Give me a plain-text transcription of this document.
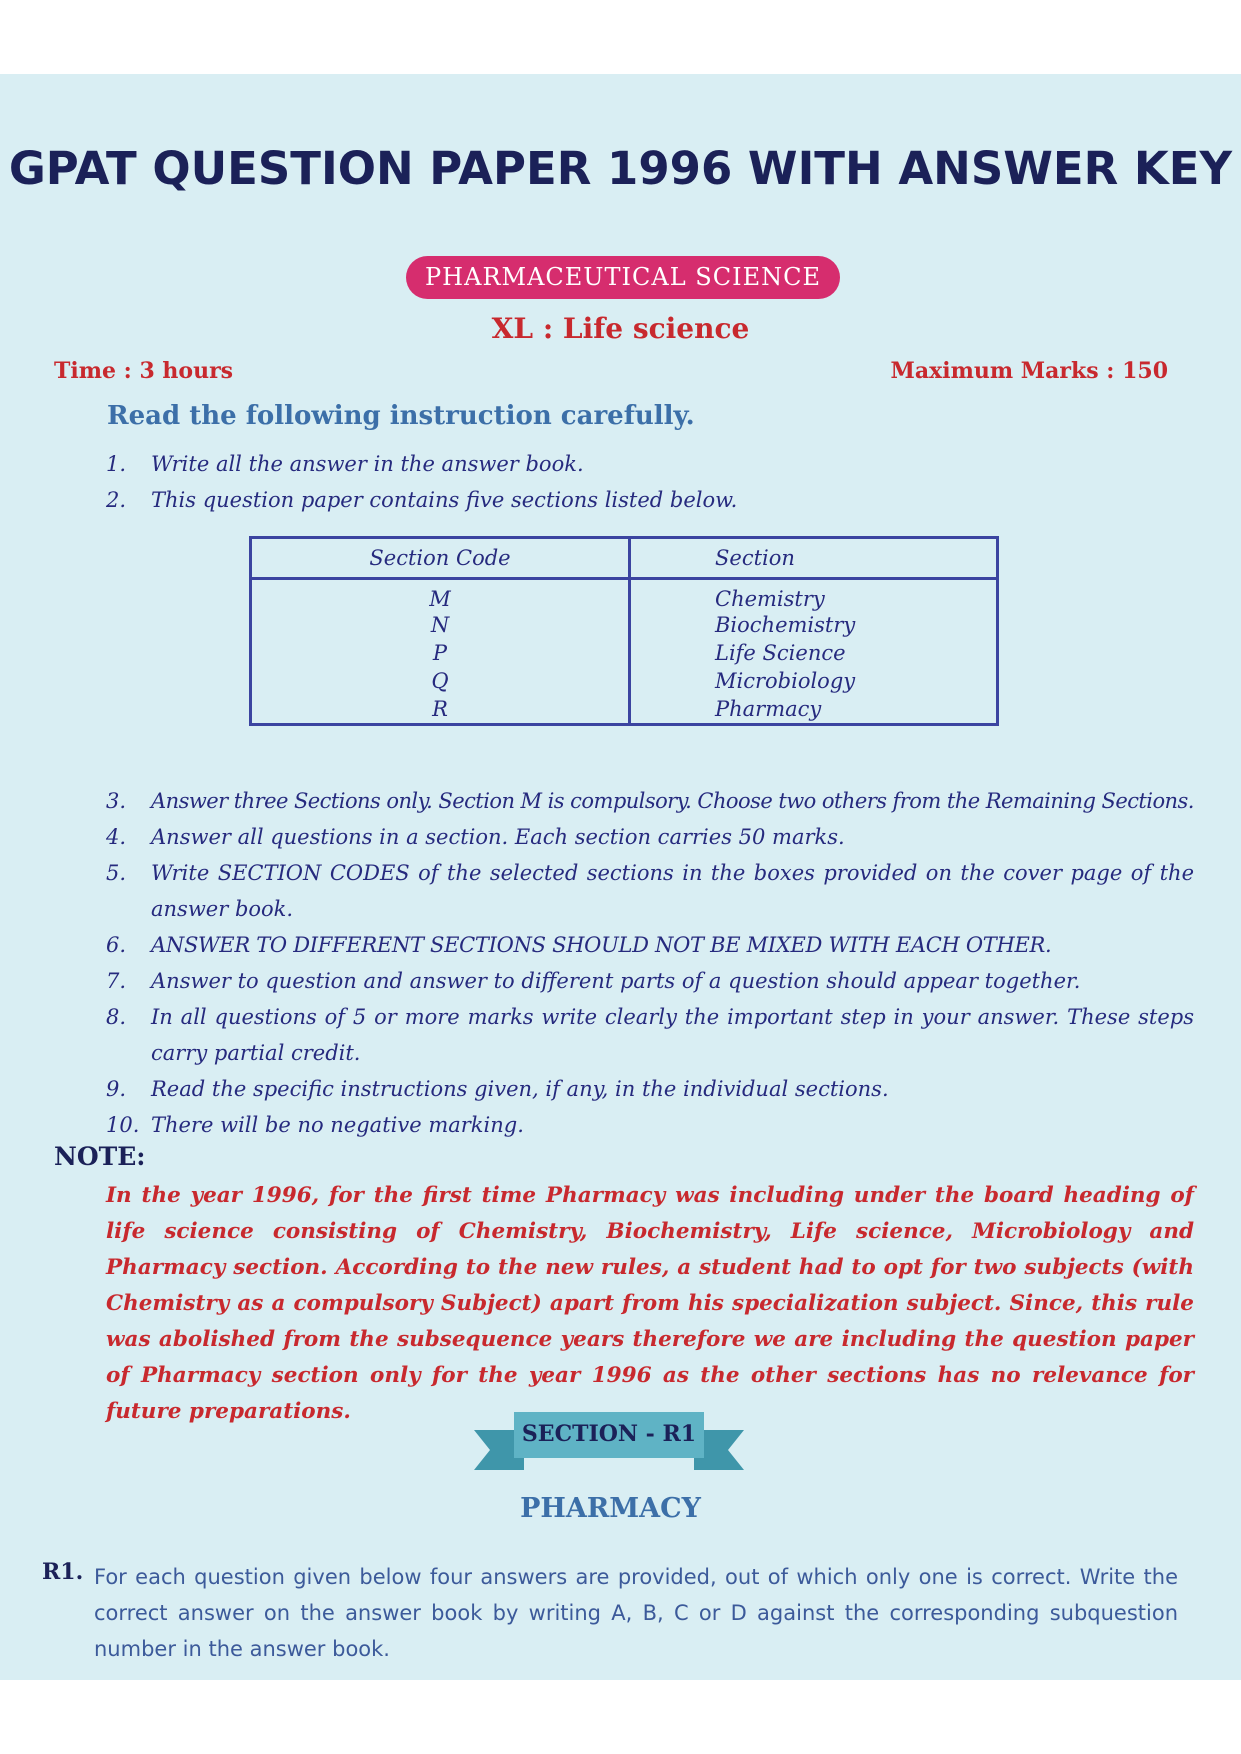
GPAT QUESTION PAPER 1996 WITH ANSWER KEY
PHARMACEUTICAL SCIENCE
XL : Life science
Time : 3 hours	Maximum Marks : 150
Read the following instruction carefully.
1. Write all the answer in the answer book.
2. This question paper contains five sections listed below.
Section Code	Section
M	Chemistry
N	Biochemistry
P	Life Science
Q	Microbiology
R	Pharmacy
3. Answer three Sections only. Section M is compulsory. Choose two others from the Remaining Sections.
4. Answer all questions in a section. Each section carries 50 marks.
5. Write SECTION CODES of the selected sections in the boxes provided on the cover page of the answer book.
6. ANSWER TO DIFFERENT SECTIONS SHOULD NOT BE MIXED WITH EACH OTHER.
7. Answer to question and answer to different parts of a question should appear together.
8. In all questions of 5 or more marks write clearly the important step in your answer. These steps carry partial credit.
9. Read the specific instructions given, if any, in the individual sections.
10. There will be no negative marking.
NOTE:
In the year 1996, for the first time Pharmacy was including under the board heading of life science consisting of Chemistry, Biochemistry, Life science, Microbiology and Pharmacy section. According to the new rules, a student had to opt for two subjects (with Chemistry as a compulsory Subject) apart from his specialization subject. Since, this rule was abolished from the subsequence years therefore we are including the question paper of Pharmacy section only for the year 1996 as the other sections has no relevance for future preparations.
SECTION - R1
PHARMACY
R1. For each question given below four answers are provided, out of which only one is correct. Write the correct answer on the answer book by writing A, B, C or D against the corresponding subquestion number in the answer book.
